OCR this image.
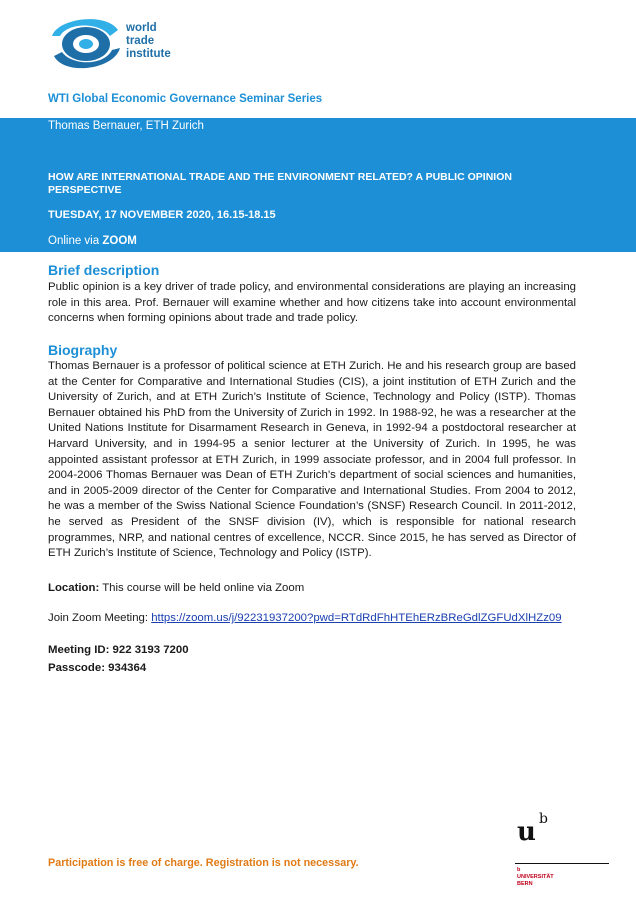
world
trade
institute
WTI Global Economic Governance Seminar Series
Thomas Bernauer, ETH Zurich
HOW ARE INTERNATIONAL TRADE AND THE ENVIRONMENT RELATED? A PUBLIC OPINION PERSPECTIVE
TUESDAY, 17 NOVEMBER 2020, 16.15-18.15
Online via ZOOM
Brief description
Public opinion is a key driver of trade policy, and environmental considerations are playing an increasing role in this area. Prof. Bernauer will examine whether and how citizens take into account environmental concerns when forming opinions about trade and trade policy.
Biography
Thomas Bernauer is a professor of political science at ETH Zurich. He and his research group are based at the Center for Comparative and International Studies (CIS), a joint institution of ETH Zurich and the University of Zurich, and at ETH Zurich’s Institute of Science, Technology and Policy (ISTP). Thomas Bernauer obtained his PhD from the University of Zurich in 1992. In 1988-92, he was a researcher at the United Nations Institute for Disarmament Research in Geneva, in 1992-94 a postdoctoral researcher at Harvard University, and in 1994-95 a senior lecturer at the University of Zurich. In 1995, he was appointed assistant professor at ETH Zurich, in 1999 associate professor, and in 2004 full professor. In 2004-2006 Thomas Bernauer was Dean of ETH Zurich’s department of social sciences and humanities, and in 2005-2009 director of the Center for Comparative and International Studies. From 2004 to 2012, he was a member of the Swiss National Science Foundation’s (SNSF) Research Council. In 2011-2012, he served as President of the SNSF division (IV), which is responsible for national research programmes, NRP, and national centres of excellence, NCCR. Since 2015, he has served as Director of ETH Zurich’s Institute of Science, Technology and Policy (ISTP).
Location: This course will be held online via Zoom
Join Zoom Meeting: https://zoom.us/j/92231937200?pwd=RTdRdFhHTEhERzBReGdlZGFUdXlHZz09
Meeting ID: 922 3193 7200
Passcode: 934364
Participation is free of charge. Registration is not necessary.
u b
b
UNIVERSITÄT
BERN
